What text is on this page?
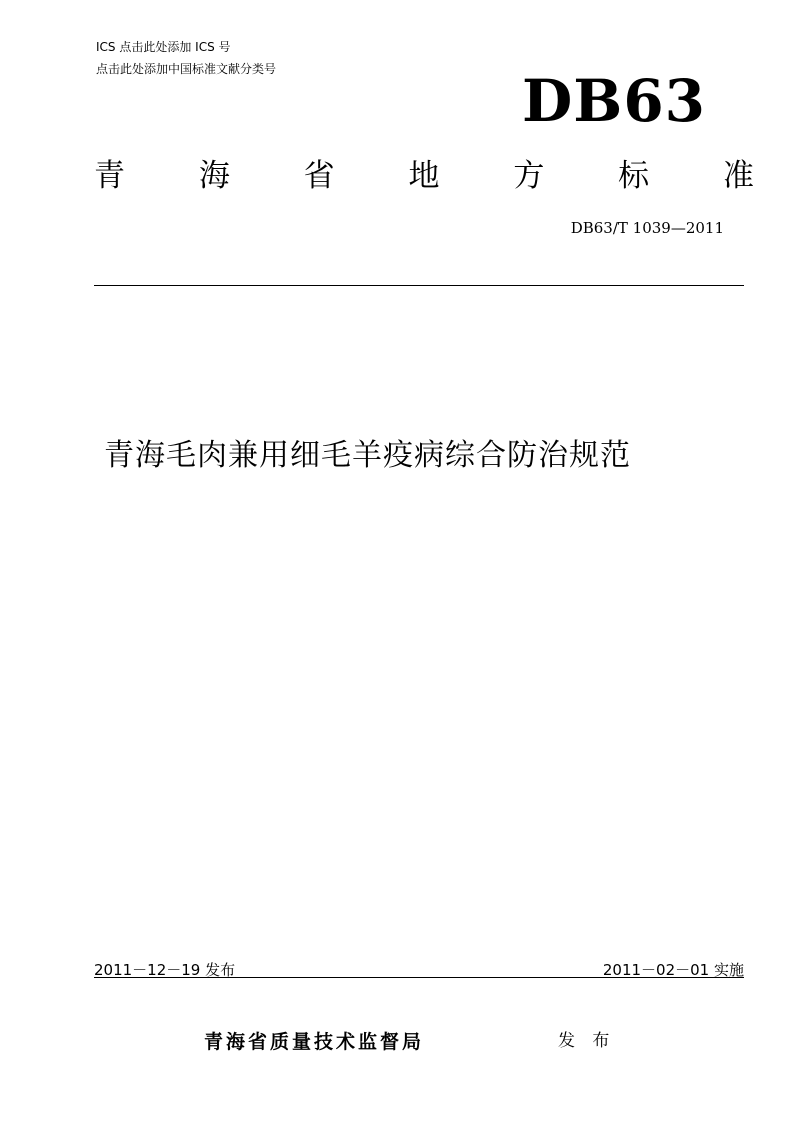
ICS 点击此处添加 ICS 号
点击此处添加中国标准文献分类号	DB63
青 海 省 地 方 标 准
DB63/T 1039—2011
青海毛肉兼用细毛羊疫病综合防治规范
2011－12－19 发布	2011－02－01 实施
青海省质量技术监督局	发 布
